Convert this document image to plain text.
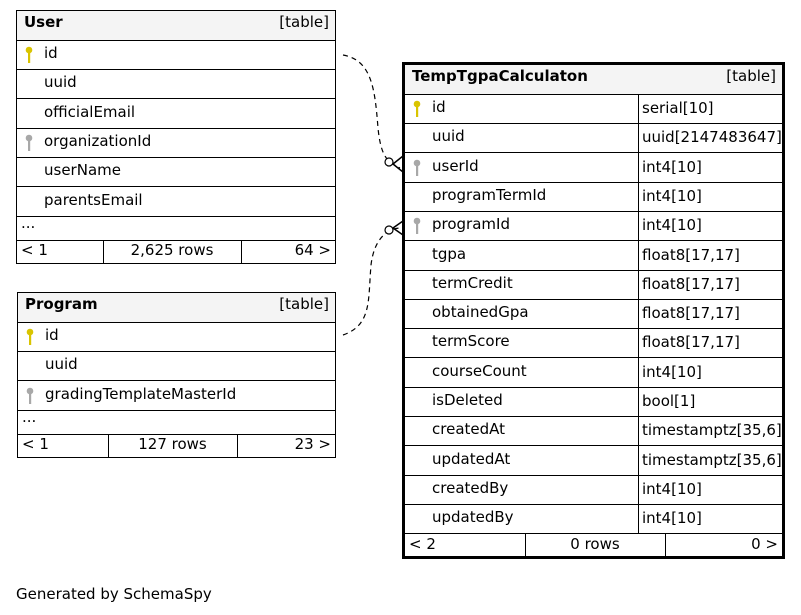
User	[table]
id
uuid
officialEmail
organizationId
userName
parentsEmail
...
< 1	2,625 rows	64 >
Program	[table]
id
uuid
gradingTemplateMasterId
...
< 1	127 rows	23 >
TempTgpaCalculaton	[table]
id	serial[10]
uuid	uuid[2147483647]
userId	int4[10]
programTermId	int4[10]
programId	int4[10]
tgpa	float8[17,17]
termCredit	float8[17,17]
obtainedGpa	float8[17,17]
termScore	float8[17,17]
courseCount	int4[10]
isDeleted	bool[1]
createdAt	timestamptz[35,6]
updatedAt	timestamptz[35,6]
createdBy	int4[10]
updatedBy	int4[10]
< 2	0 rows	0 >
Generated by SchemaSpy
